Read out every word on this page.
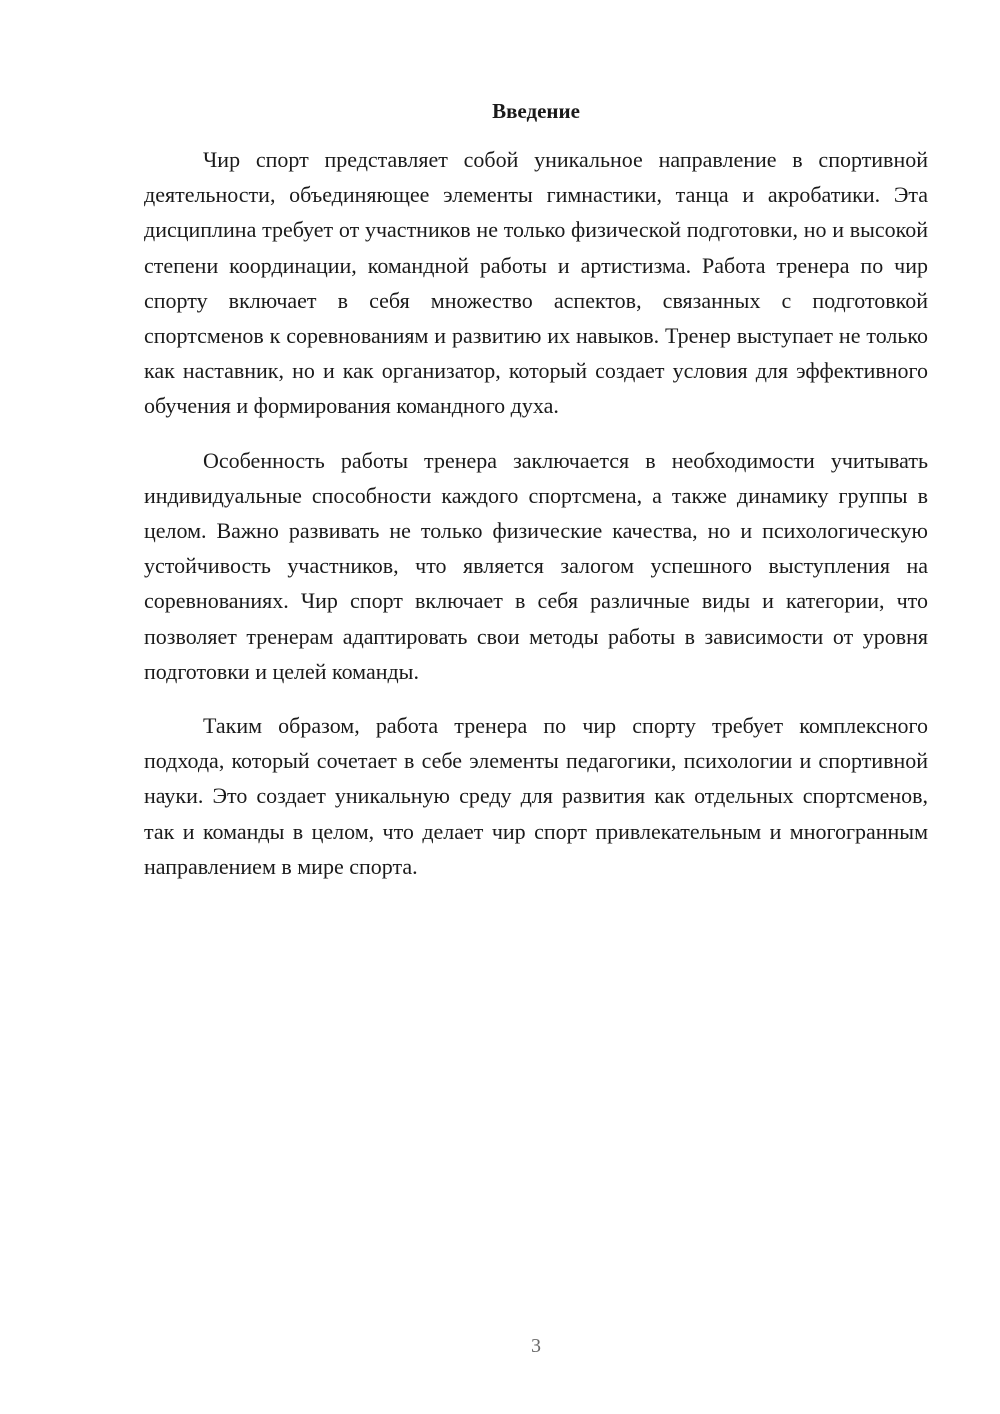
Введение

Чир спорт представляет собой уникальное направление в спортивной деятельности, объединяющее элементы гимнастики, танца и акробатики. Эта дисциплина требует от участников не только физической подготовки, но и высокой степени координации, командной работы и артистизма. Работа тренера по чир спорту включает в себя множество аспектов, связанных с подготовкой спортсменов к соревнованиям и развитию их навыков. Тренер выступает не только как наставник, но и как организатор, который создает условия для эффективного обучения и формирования командного духа.

Особенность работы тренера заключается в необходимости учитывать индивидуальные способности каждого спортсмена, а также динамику группы в целом. Важно развивать не только физические качества, но и психологическую устойчивость участников, что является залогом успешного выступления на соревнованиях. Чир спорт включает в себя различные виды и категории, что позволяет тренерам адаптировать свои методы работы в зависимости от уровня подготовки и целей команды.

Таким образом, работа тренера по чир спорту требует комплексного подхода, который сочетает в себе элементы педагогики, психологии и спортивной науки. Это создает уникальную среду для развития как отдельных спортсменов, так и команды в целом, что делает чир спорт привлекательным и многогранным направлением в мире спорта.

3
